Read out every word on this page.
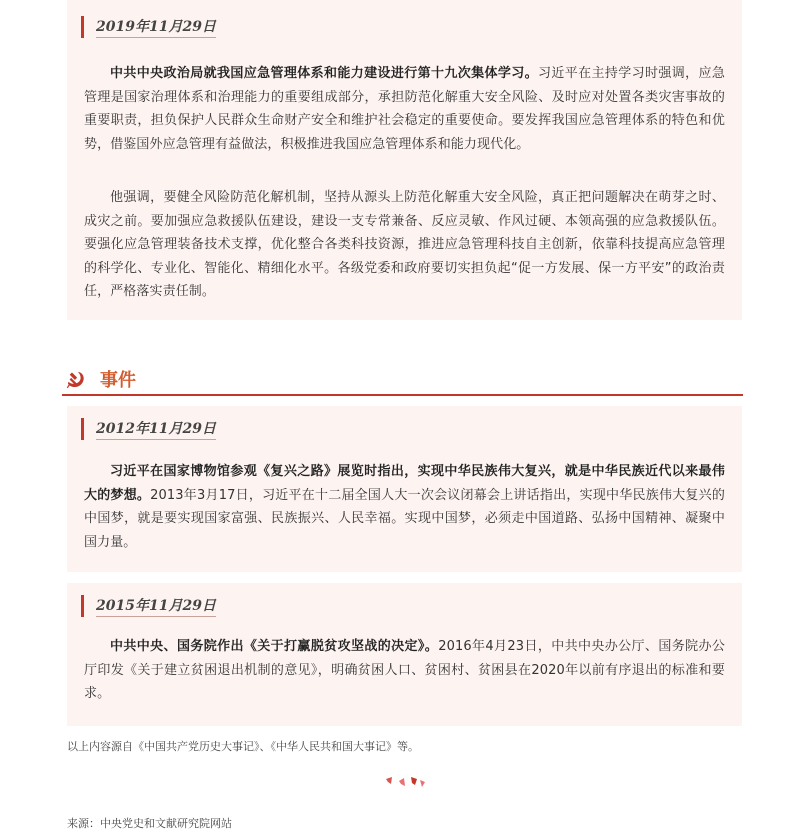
2019年11月29日

中共中央政治局就我国应急管理体系和能力建设进行第十九次集体学习。习近平在主持学习时强调，应急管理是国家治理体系和治理能力的重要组成部分，承担防范化解重大安全风险、及时应对处置各类灾害事故的重要职责，担负保护人民群众生命财产安全和维护社会稳定的重要使命。要发挥我国应急管理体系的特色和优势，借鉴国外应急管理有益做法，积极推进我国应急管理体系和能力现代化。

他强调，要健全风险防范化解机制，坚持从源头上防范化解重大安全风险，真正把问题解决在萌芽之时、成灾之前。要加强应急救援队伍建设，建设一支专常兼备、反应灵敏、作风过硬、本领高强的应急救援队伍。要强化应急管理装备技术支撑，优化整合各类科技资源，推进应急管理科技自主创新，依靠科技提高应急管理的科学化、专业化、智能化、精细化水平。各级党委和政府要切实担负起“促一方发展、保一方平安”的政治责任，严格落实责任制。

事件
2012年11月29日

习近平在国家博物馆参观《复兴之路》展览时指出，实现中华民族伟大复兴，就是中华民族近代以来最伟大的梦想。2013年3月17日，习近平在十二届全国人大一次会议闭幕会上讲话指出，实现中华民族伟大复兴的中国梦，就是要实现国家富强、民族振兴、人民幸福。实现中国梦，必须走中国道路、弘扬中国精神、凝聚中国力量。

2015年11月29日

中共中央、国务院作出《关于打赢脱贫攻坚战的决定》。2016年4月23日，中共中央办公厅、国务院办公厅印发《关于建立贫困退出机制的意见》，明确贫困人口、贫困村、贫困县在2020年以前有序退出的标准和要求。

以上内容源自《中国共产党历史大事记》、《中华人民共和国大事记》等。
来源：中央党史和文献研究院网站
